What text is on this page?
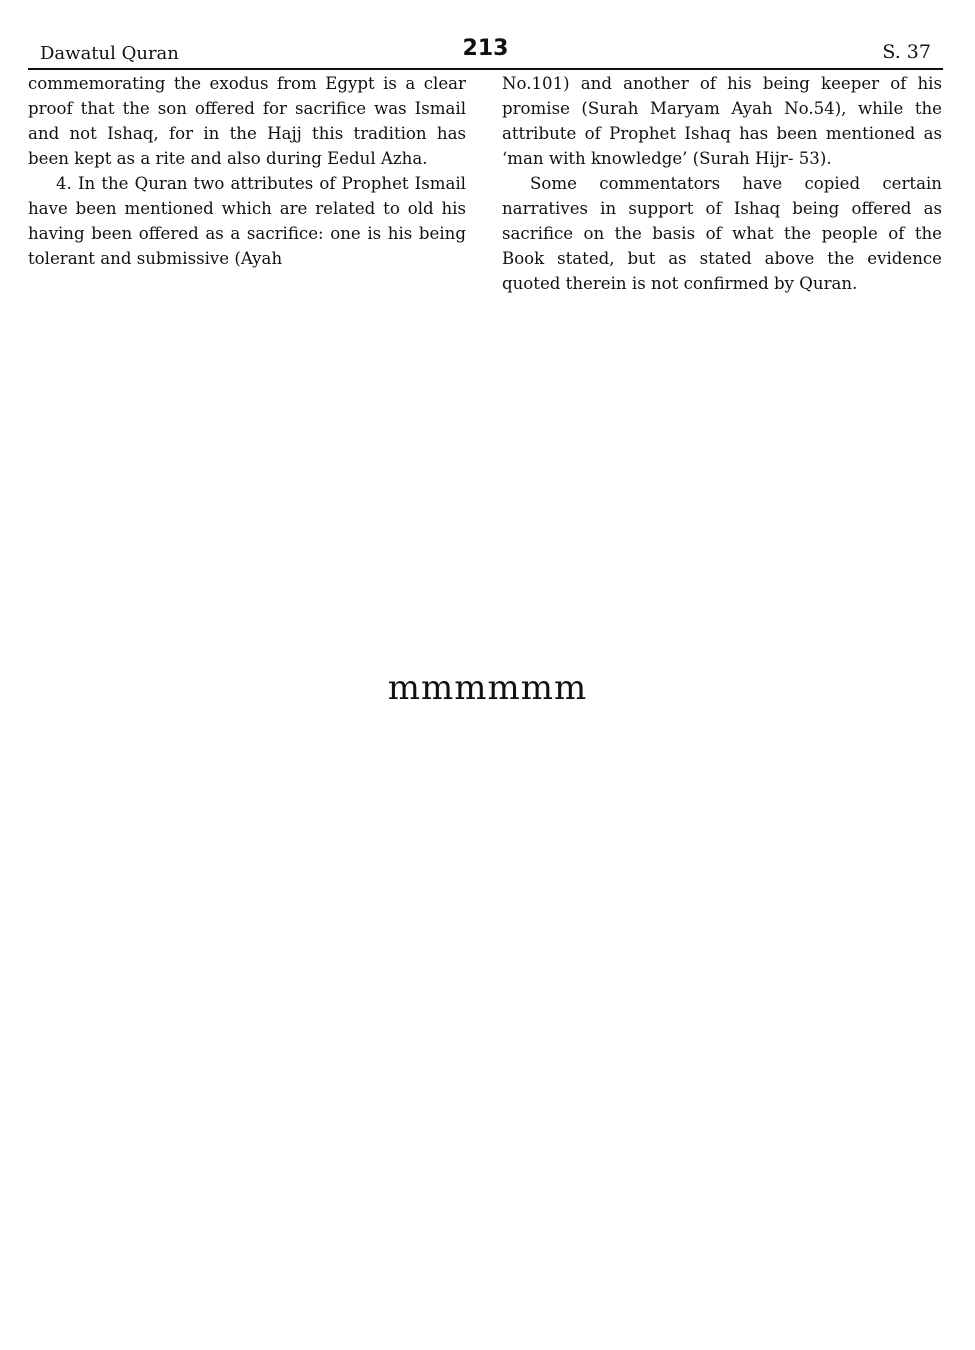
Dawatul Quran	213	S. 37

commemorating the exodus from Egypt is a clear proof that the son offered for sacrifice was Ismail and not Ishaq, for in the Hajj this tradition has been kept as a rite and also during Eedul Azha.

4. In the Quran two attributes of Prophet Ismail have been mentioned which are related to old his having been offered as a sacrifice: one is his being tolerant and submissive (Ayah

No.101) and another of his being keeper of his promise (Surah Maryam Ayah No.54), while the attribute of Prophet Ishaq has been mentioned as ‘man with knowledge’ (Surah Hijr- 53).

Some commentators have copied certain narratives in support of Ishaq being offered as sacrifice on the basis of what the people of the Book stated, but as stated above the evidence quoted therein is not confirmed by Quran.

mmmmmm
